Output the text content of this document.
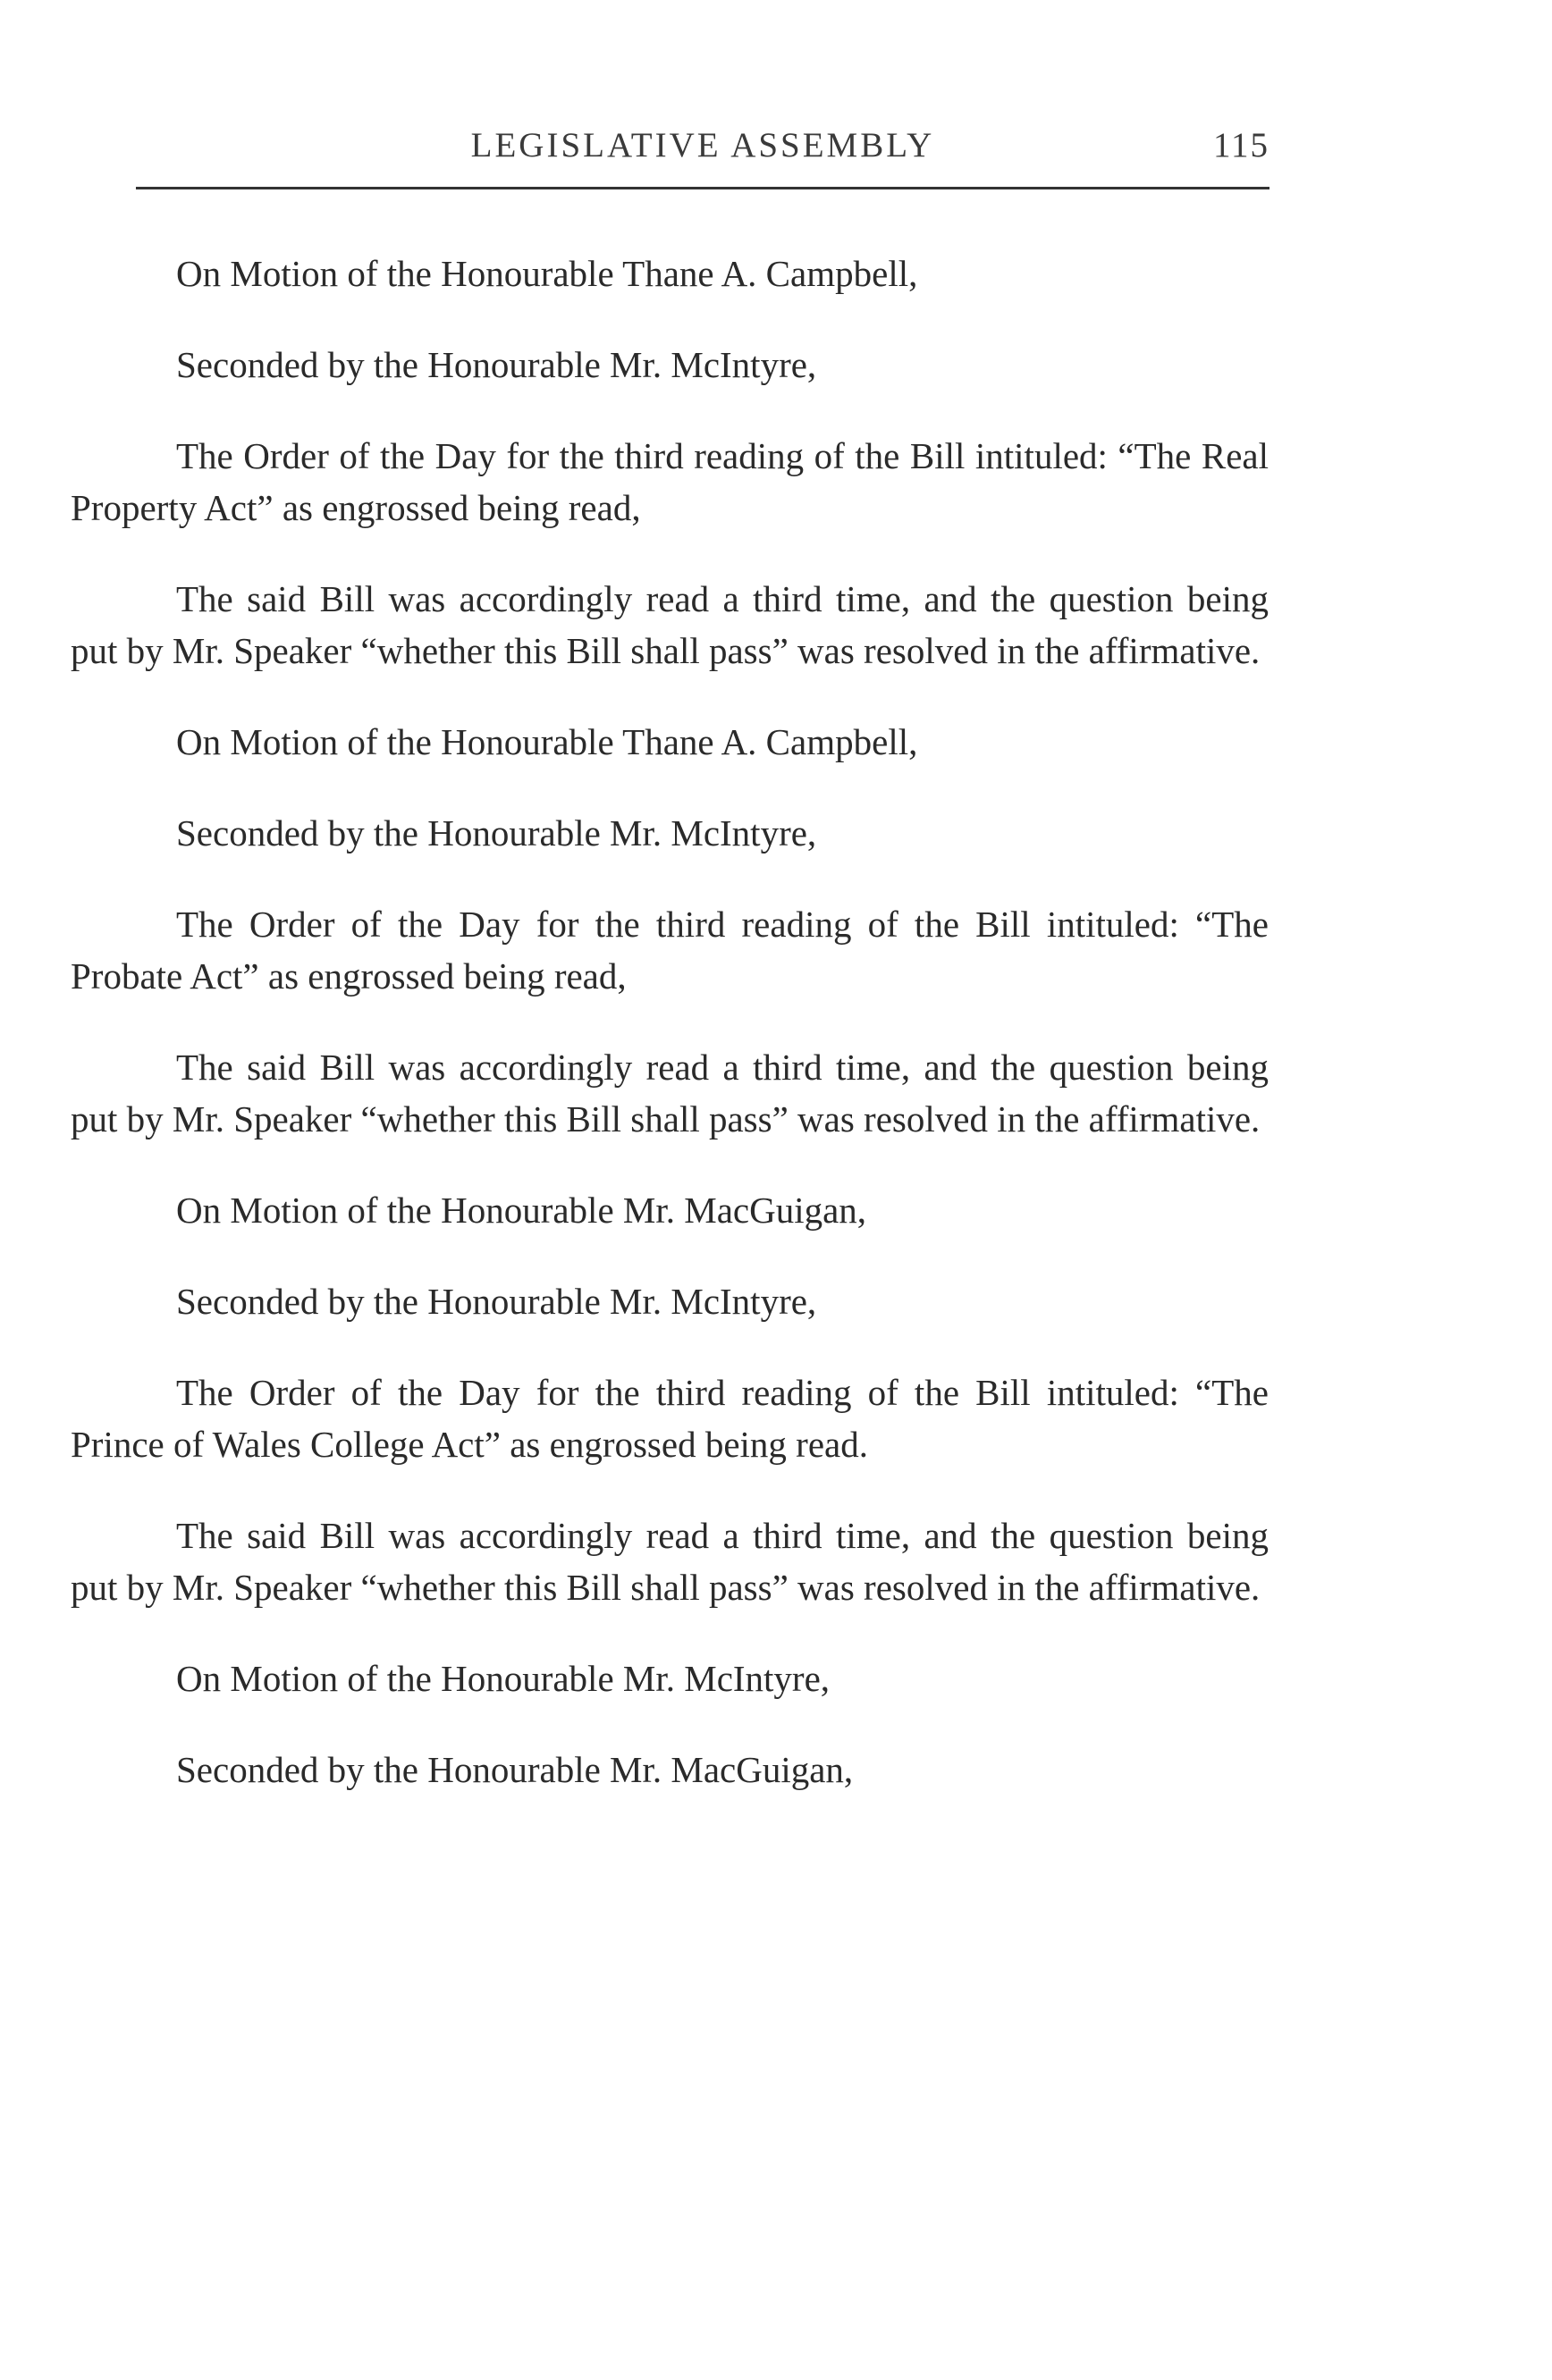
LEGISLATIVE ASSEMBLY	115

On Motion of the Honourable Thane A. Campbell,

Seconded by the Honourable Mr. McIntyre,

The Order of the Day for the third reading of the Bill intituled: “The Real Property Act” as engrossed being read,

The said Bill was accordingly read a third time, and the question being put by Mr. Speaker “whether this Bill shall pass” was resolved in the affirmative.

On Motion of the Honourable Thane A. Campbell,

Seconded by the Honourable Mr. McIntyre,

The Order of the Day for the third reading of the Bill intituled: “The Probate Act” as engrossed being read,

The said Bill was accordingly read a third time, and the question being put by Mr. Speaker “whether this Bill shall pass” was resolved in the affirmative.

On Motion of the Honourable Mr. MacGuigan,

Seconded by the Honourable Mr. McIntyre,

The Order of the Day for the third reading of the Bill intituled: “The Prince of Wales College Act” as engrossed being read.

The said Bill was accordingly read a third time, and the question being put by Mr. Speaker “whether this Bill shall pass” was resolved in the affirmative.

On Motion of the Honourable Mr. McIntyre,

Seconded by the Honourable Mr. MacGuigan,
